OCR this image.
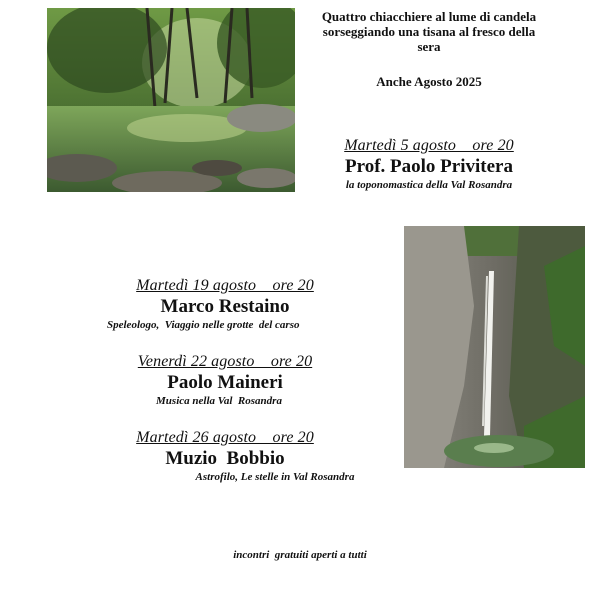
Quattro chiacchiere al lume di candela
sorseggiando una tisana al fresco della
sera
Anche Agosto 2025
Martedì 5 agosto    ore 20
Prof. Paolo Privitera
la toponomastica della Val Rosandra
Martedì 19 agosto    ore 20
Marco Restaino
Speleologo,  Viaggio nelle grotte  del carso
Venerdì 22 agosto    ore 20
Paolo Maineri
Musica nella Val  Rosandra
Martedì 26 agosto    ore 20
Muzio  Bobbio
Astrofilo, Le stelle in Val Rosandra
incontri  gratuiti aperti a tutti
